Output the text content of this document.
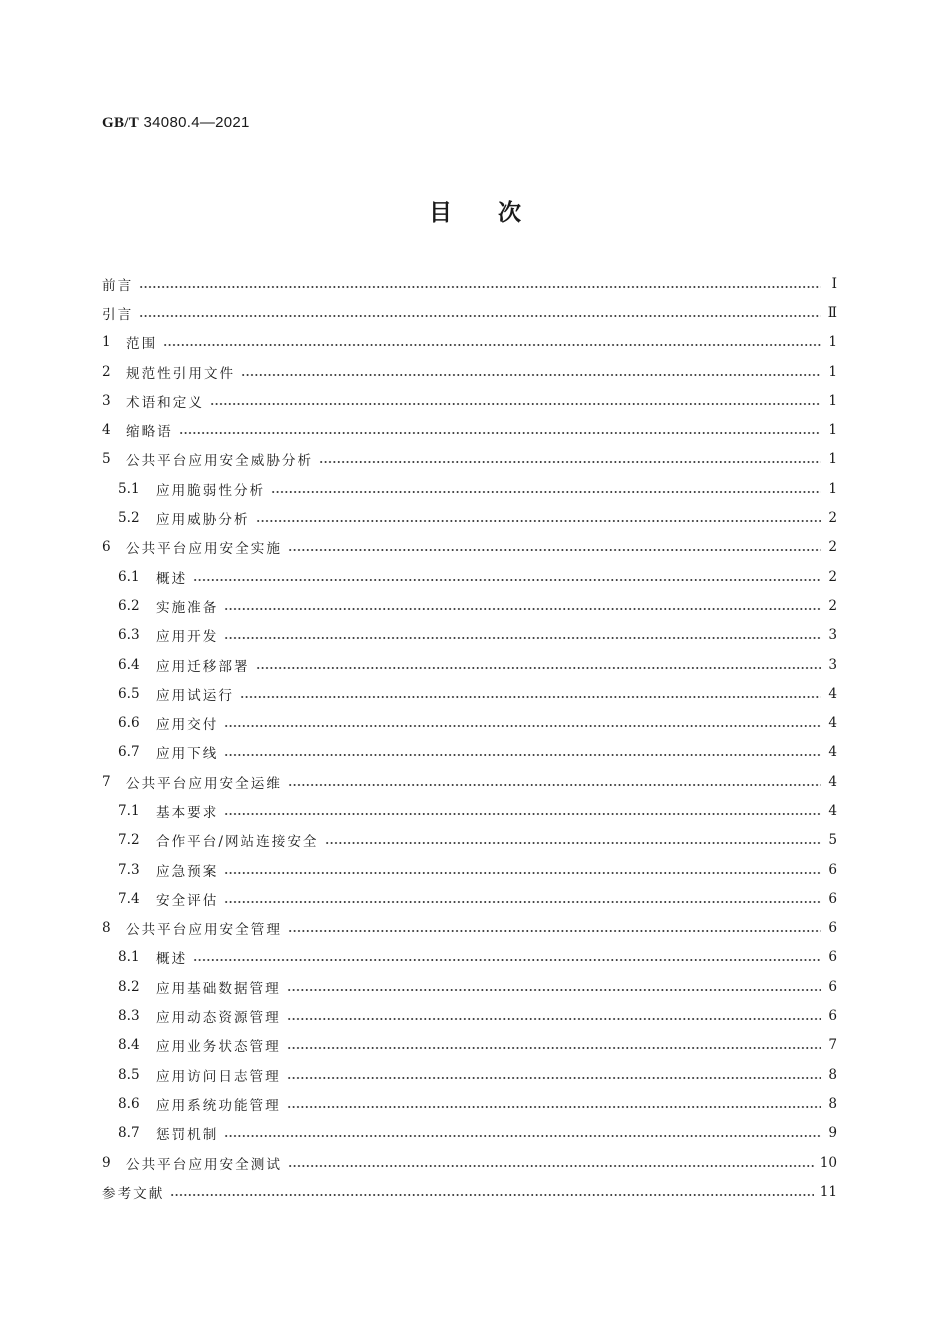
GB/T 34080.4—2021
目次
前言	Ⅰ
引言	Ⅱ
1	范围	1
2	规范性引用文件	1
3	术语和定义	1
4	缩略语	1
5	公共平台应用安全威胁分析	1
5.1	应用脆弱性分析	1
5.2	应用威胁分析	2
6	公共平台应用安全实施	2
6.1	概述	2
6.2	实施准备	2
6.3	应用开发	3
6.4	应用迁移部署	3
6.5	应用试运行	4
6.6	应用交付	4
6.7	应用下线	4
7	公共平台应用安全运维	4
7.1	基本要求	4
7.2	合作平台/网站连接安全	5
7.3	应急预案	6
7.4	安全评估	6
8	公共平台应用安全管理	6
8.1	概述	6
8.2	应用基础数据管理	6
8.3	应用动态资源管理	6
8.4	应用业务状态管理	7
8.5	应用访问日志管理	8
8.6	应用系统功能管理	8
8.7	惩罚机制	9
9	公共平台应用安全测试	10
参考文献	11
